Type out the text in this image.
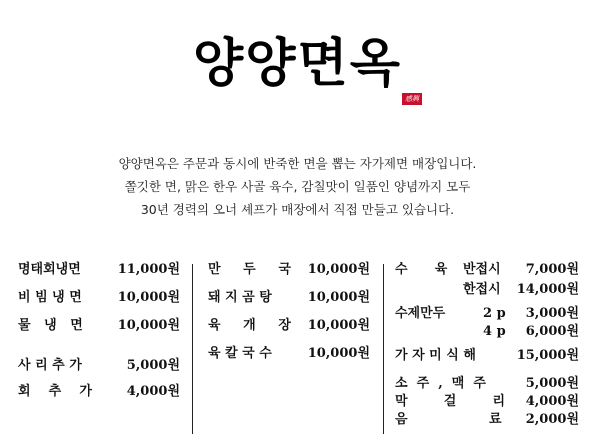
양양면옥
感興
양양면옥은 주문과 동시에 반죽한 면을 뽑는 자가제면 매장입니다.
쫄깃한 면, 맑은 한우 사골 육수, 감칠맛이 일품인 양념까지 모두
30년 경력의 오너 셰프가 매장에서 직접 만들고 있습니다.
명태회냉면	11,000원
비 빔 냉 면	10,000원
물   냉   면	10,000원
사 리 추 가	5,000원
회    추    가	4,000원
만     두     국 10,000원
돼 지 곰 탕	10,000원
육     개     장 10,000원
육 칼 국 수	10,000원
수      육 반접시 7,000원
한접시 14,000원
수제만두	2 p 3,000원
4 p 6,000원
가 자 미 식 해	15,000원
소  주  ,  맥  주	5,000원
막        걸        리 4,000원
음                  료 2,000원
